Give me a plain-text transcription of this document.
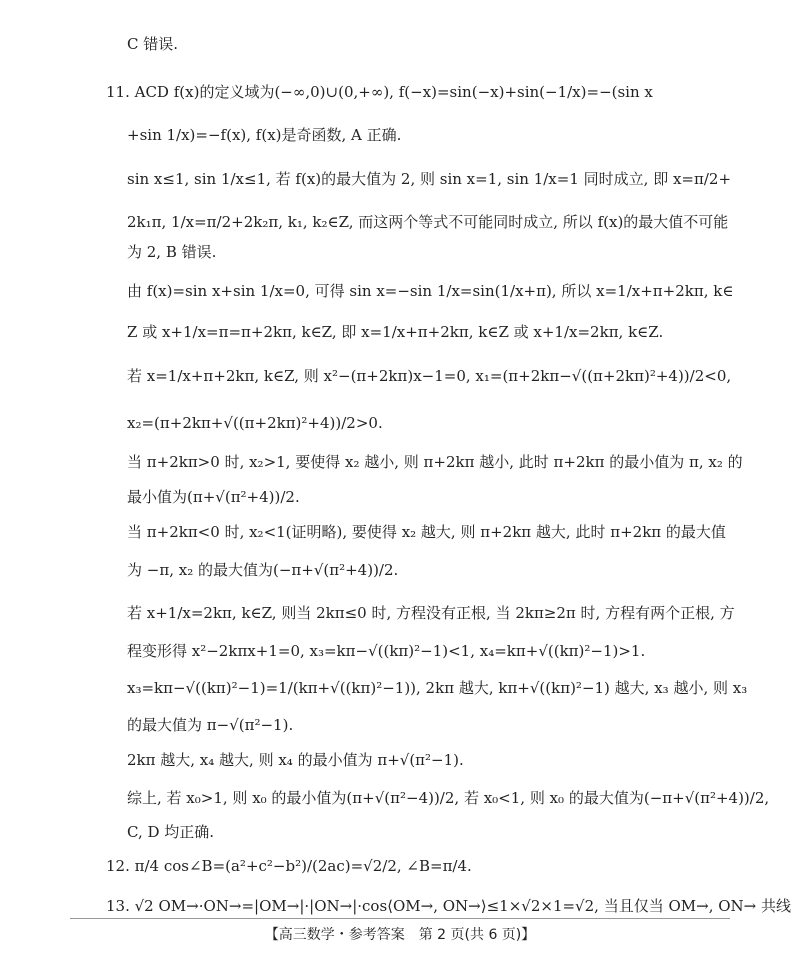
C 错误.
11. ACD f(x)的定义域为(−∞,0)∪(0,+∞), f(−x)=sin(−x)+sin(−1/x)=−(sin x
+sin 1/x)=−f(x), f(x)是奇函数, A 正确.
sin x≤1, sin 1/x≤1, 若 f(x)的最大值为 2, 则 sin x=1, sin 1/x=1 同时成立, 即 x=π/2+
2k₁π, 1/x=π/2+2k₂π, k₁, k₂∈Z, 而这两个等式不可能同时成立, 所以 f(x)的最大值不可能
为 2, B 错误.
由 f(x)=sin x+sin 1/x=0, 可得 sin x=−sin 1/x=sin(1/x+π), 所以 x=1/x+π+2kπ, k∈
Z 或 x+1/x=π=π+2kπ, k∈Z, 即 x=1/x+π+2kπ, k∈Z 或 x+1/x=2kπ, k∈Z.
若 x=1/x+π+2kπ, k∈Z, 则 x²−(π+2kπ)x−1=0, x₁=(π+2kπ−√((π+2kπ)²+4))/2<0,
x₂=(π+2kπ+√((π+2kπ)²+4))/2>0.
当 π+2kπ>0 时, x₂>1, 要使得 x₂ 越小, 则 π+2kπ 越小, 此时 π+2kπ 的最小值为 π, x₂ 的
最小值为(π+√(π²+4))/2.
当 π+2kπ<0 时, x₂<1(证明略), 要使得 x₂ 越大, 则 π+2kπ 越大, 此时 π+2kπ 的最大值
为 −π, x₂ 的最大值为(−π+√(π²+4))/2.
若 x+1/x=2kπ, k∈Z, 则当 2kπ≤0 时, 方程没有正根, 当 2kπ≥2π 时, 方程有两个正根, 方
程变形得 x²−2kπx+1=0, x₃=kπ−√((kπ)²−1)<1, x₄=kπ+√((kπ)²−1)>1.
x₃=kπ−√((kπ)²−1)=1/(kπ+√((kπ)²−1)), 2kπ 越大, kπ+√((kπ)²−1) 越大, x₃ 越小, 则 x₃
的最大值为 π−√(π²−1).
2kπ 越大, x₄ 越大, 则 x₄ 的最小值为 π+√(π²−1).
综上, 若 x₀>1, 则 x₀ 的最小值为(π+√(π²−4))/2, 若 x₀<1, 则 x₀ 的最大值为(−π+√(π²+4))/2,
C, D 均正确.
12. π/4 cos∠B=(a²+c²−b²)/(2ac)=√2/2, ∠B=π/4.
13. √2 OM→·ON→=|OM→|·|ON→|·cos⟨OM→, ON→⟩≤1×√2×1=√2, 当且仅当 OM→, ON→ 共线
【高三数学・参考答案　第 2 页(共 6 页)】
